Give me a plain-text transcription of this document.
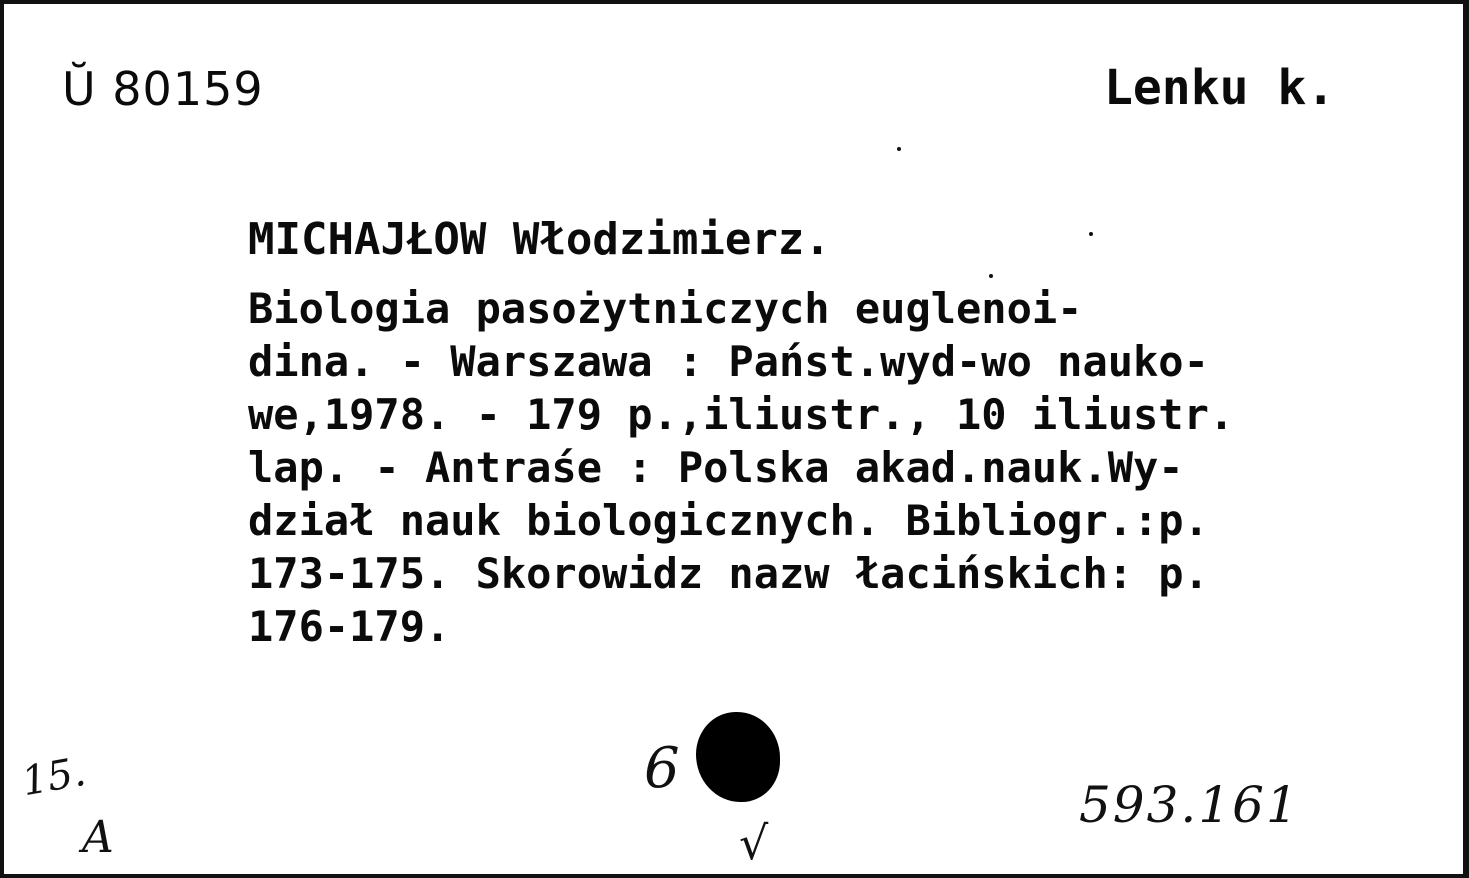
Ŭ 80159	Lenku k.
MICHAJŁOW Włodzimierz.
Biologia pasożytniczych euglenoi-
dina. - Warszawa : Państ.wyd-wo nauko-
we,1978. - 179 p.,iliustr., 10 iliustr.
lap. - Antraśe : Polska akad.nauk.Wy-
dział nauk biologicznych. Bibliogr.:p.
173-175. Skorowidz nazw łacińskich: p.
176-179.
15.
A
6
√
593.161
